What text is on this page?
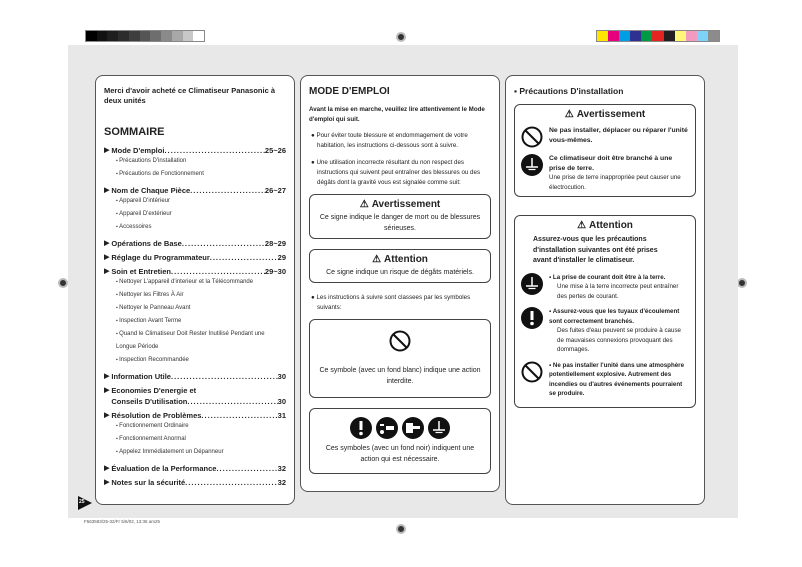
Merci d'avoir acheté ce Climatiseur Panasonic à deux unités
SOMMAIRE
▶ Mode D'emploi .....	25~26
▪ Précautions D'installation
▪ Précautions de Fonctionnement
▶ Nom de Chaque Pièce .....	26~27
▪ Appareil D'intérieur
▪ Appareil D'extérieur
▪ Accessoires
▶ Opérations de Base .....	28~29
▶ Réglage du Programmateur .....	29
▶ Soin et Entretien .....	29~30
▪ Nettoyer L'appareil d'interieur et la Télécommande
▪ Nettoyer les Filtres À Air
▪ Nettoyer le Panneau Avant
▪ Inspection Avant Terme
▪ Quand le Climatiseur Doit Rester Inutilisé Pendant une Longue Période
▪ Inspection Recommandée
▶ Information Utile .....	30
▶ Economies D'energie et
Conseils D'utilisation .....	30
▶ Résolution de Problèmes .....	31
▪ Fonctionnement Ordinaire
▪ Fonctionnement Anormal
▪ Appelez Immédiatement un Dépanneur
▶ Évaluation de la Performance .....	32
▶ Notes sur la sécurité .....	32
MODE D'EMPLOI
Avant la mise en marche, veuillez lire attentivement le Mode d'emploi qui suit.
● Pour éviter toute blessure et endommagement de votre habitation, les instructions ci-dessous sont à suivre.
● Une utilisation incorrecte résultant du non respect des instructions qui suivent peut entraîner des blessures ou des dégâts dont la gravité vous est signalée comme suit:
⚠ Avertissement
Ce signe indique le danger de mort ou de blessures sérieuses.
⚠ Attention
Ce signe indique un risque de dégâts matériels.
● Les instructions à suivre sont classees par les symboles suivants:
Ce symbole (avec un fond blanc) indique une action interdite.
Ces symboles (avec un fond noir) indiquent une action qui est nécessaire.
▪ Précautions D'installation
⚠ Avertissement
Ne pas installer, déplacer ou réparer l'unité vous-mêmes.
Ce climatiseur doit être branché à une prise de terre.
Une prise de terre inappropriée peut causer une électrocution.
⚠ Attention
Assurez-vous que les précautions d'installation suivantes ont été prises avant d'installer le climatiseur.
▪ La prise de courant doit être à la terre.
Une mise à la terre incorrecte peut entraîner des pertes de courant.
▪ Assurez-vous que les tuyaux d'écoulement sont correctement branchés.
Des fuites d'eau peuvent se produire à cause de mauvaises connexions provoquant des dommages.
▪ Ne pas installer l'unité dans une atmosphère potentiellement explosive. Autrement des incendies ou d'autres événements pourraient se produire.
25
F563583/25-32/Fr 5/6/02, 13:36 am25
